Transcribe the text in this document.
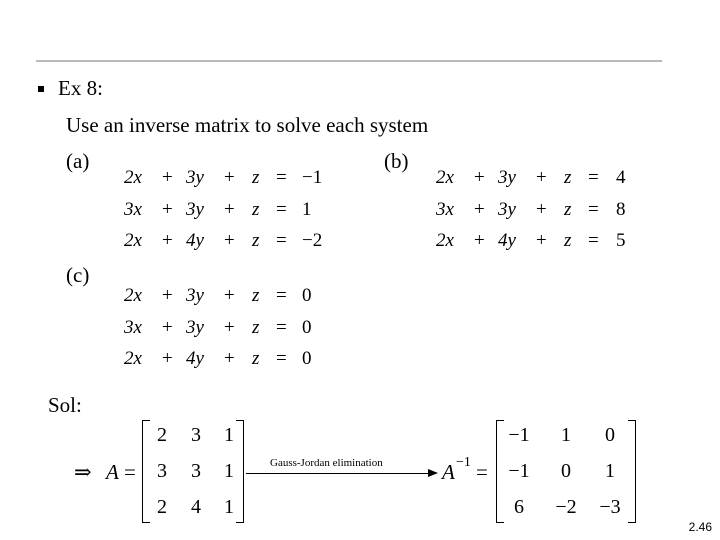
Ex 8:
Use an inverse matrix to solve each system
(a)	(b)
(c)
2x + 3y + z = −1
3x + 3y + z = 1
2x + 4y + z = −2
2x + 3y + z = 4
3x + 3y + z = 8
2x + 4y + z = 5
2x + 3y + z = 0
3x + 3y + z = 0
2x + 4y + z = 0
Sol:
⇒ A =
2	3	1
3	3	1
2	4	1
Gauss-Jordan elimination	A −1 =
−1	1	0
−1	0	1
6	−2	−3
2.46
